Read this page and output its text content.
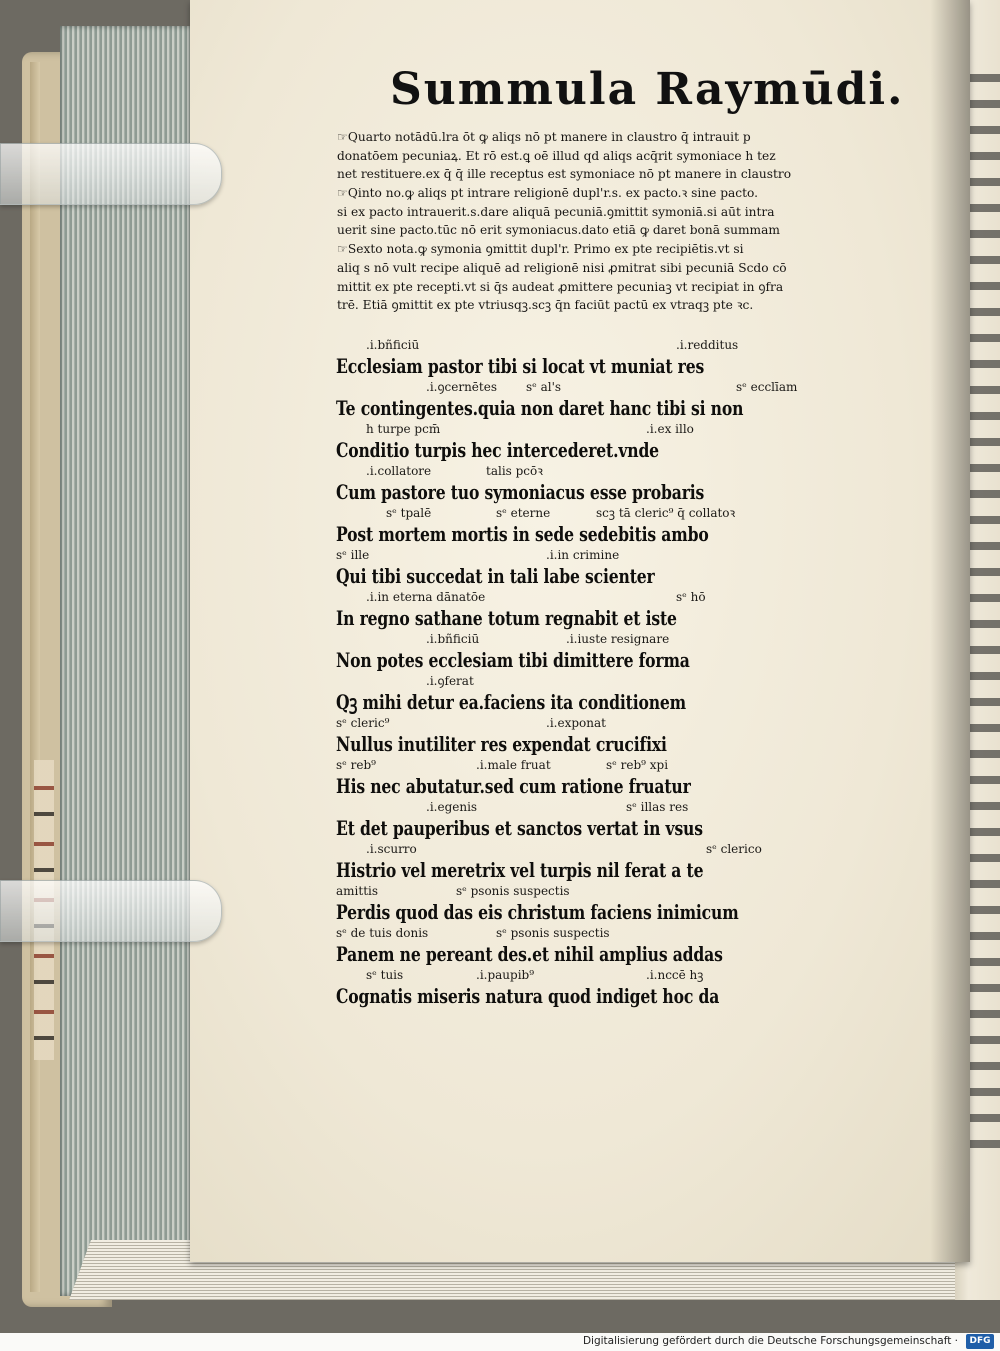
Summula Raymūdi.
☞Quarto notādū.lra ōt ꝙ aliqs nō pt manere in claustro q̄ intrauit p
donatōem pecuniaꝝ. Et rō est.ꝗ oē illud qd aliqs acq̄rit symoniace h tez
net restituere.ex q̄ q̄ ille receptus est symoniace nō pt manere in claustro
☞Qinto no.ꝙ aliqs pt intrare religionē dupl'r.s. ex pacto.ꝛ sine pacto.
si ex pacto intrauerit.s.dare aliquā pecuniā.ꝯmittit symoniā.si aūt intra
uerit sine pacto.tūc nō erit symoniacus.dato etiā ꝙ daret bonā summam
☞Sexto nota.ꝙ symonia ꝯmittit dupl'r. Primo ex pte recipiētis.vt si
aliq s nō vult recipe aliquē ad religionē nisi ꝓmitrat sibi pecuniā Scdo cō
mittit ex pte recepti.vt si q̄s audeat ꝓmittere pecuniaꝫ vt recipiat in ꝯfra
trē. Etiā ꝯmittit ex pte vtriusqꝫ.scꝫ q̄n faciūt pactū ex vtraqꝫ pte ꝛc.
.i.bñficiū	.i.redditus
Ecclesiam pastor tibi si locat vt muniat res
.i.ꝯcernētes sᵉ al's	sᵉ ecclīam
Te contingentes.quia non daret hanc tibi si non
h turpe pcm̄	.i.ex illo
Conditio turpis hec intercederet.vnde
.i.collatore	talis pcōꝛ
Cum pastore tuo symoniacus esse probaris
sᵉ tpalē	sᵉ eterne	scꝫ tā cleric⁹ q̄ collatoꝛ
Post mortem mortis in sede sedebitis ambo
sᵉ ille	.i.in crimine
Qui tibi succedat in tali labe scienter
.i.in eterna dānatōe	sᵉ hō
In regno sathane totum regnabit et iste
.i.bñficiū	.i.iuste resignare
Non potes ecclesiam tibi dimittere forma
.i.ꝯferat
Qꝫ mihi detur ea.faciens ita conditionem
sᵉ cleric⁹	.i.exponat
Nullus inutiliter res expendat crucifixi
sᵉ reb⁹	.i.male fruat	sᵉ reb⁹ xpi
His nec abutatur.sed cum ratione fruatur
.i.egenis	sᵉ illas res
Et det pauperibus et sanctos vertat in vsus
.i.scurro	sᵉ clerico
Histrio vel meretrix vel turpis nil ferat a te
amittis	sᵉ psonis suspectis
Perdis quod das eis christum faciens inimicum
sᵉ de tuis donis	sᵉ psonis suspectis
Panem ne pereant des.et nihil amplius addas
sᵉ tuis	.i.paupib⁹	.i.nccē hꝫ
Cognatis miseris natura quod indiget hoc da
Digitalisierung gefördert durch die Deutsche Forschungsgemeinschaft ·	DFG
